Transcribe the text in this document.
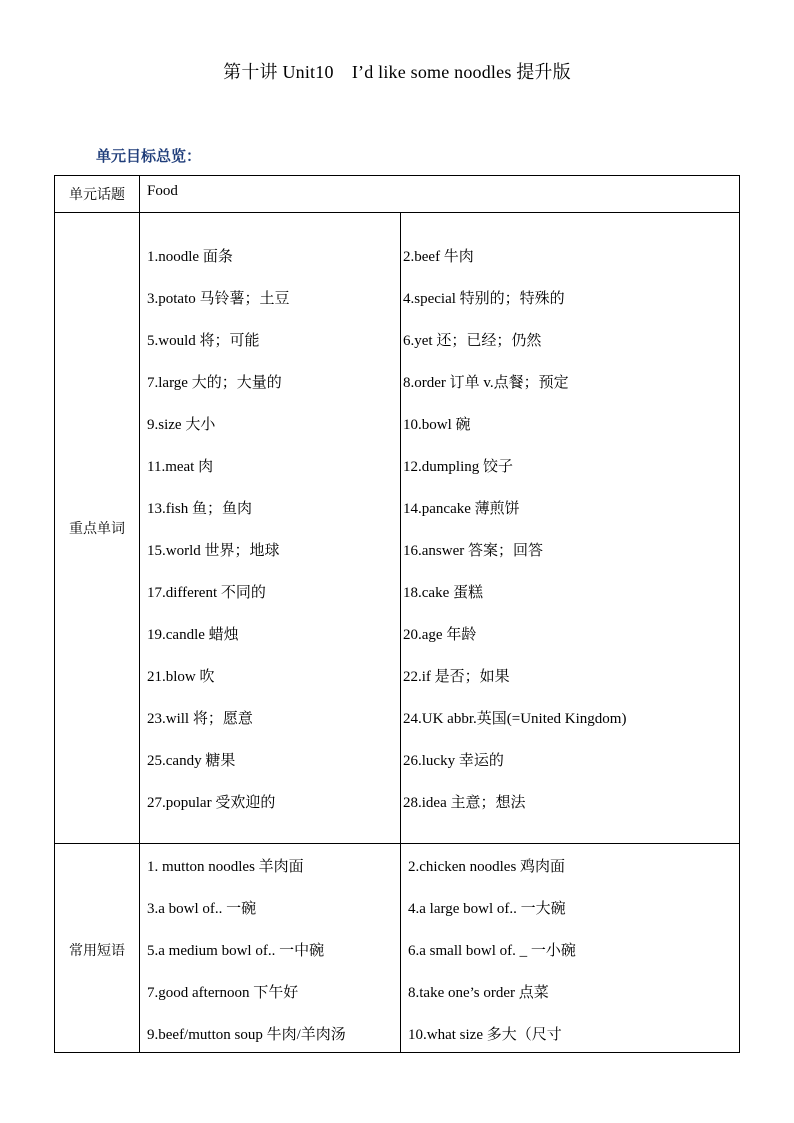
第十讲 Unit10　I’d like some noodles 提升版
单元目标总览：
单元话题	Food
重点单词
1.noodle 面条	2.beef 牛肉
3.potato 马铃薯；土豆	4.special 特别的；特殊的
5.would 将；可能	6.yet 还；已经；仍然
7.large 大的；大量的	8.order 订单 v.点餐；预定
9.size 大小	10.bowl 碗
11.meat 肉	12.dumpling 饺子
13.fish 鱼；鱼肉	14.pancake 薄煎饼
15.world 世界；地球	16.answer 答案；回答
17.different 不同的	18.cake 蛋糕
19.candle 蜡烛	20.age 年龄
21.blow 吹	22.if 是否；如果
23.will 将；愿意	24.UK abbr.英国(=United Kingdom)
25.candy 糖果	26.lucky 幸运的
27.popular 受欢迎的	28.idea 主意；想法
常用短语
1. mutton noodles 羊肉面	2.chicken noodles 鸡肉面
3.a bowl of.. 一碗	4.a large bowl of.. 一大碗
5.a medium bowl of.. 一中碗	6.a small bowl of. _ 一小碗
7.good afternoon 下午好	8.take one’s order 点菜
9.beef/mutton soup 牛肉/羊肉汤	10.what size 多大（尺寸
